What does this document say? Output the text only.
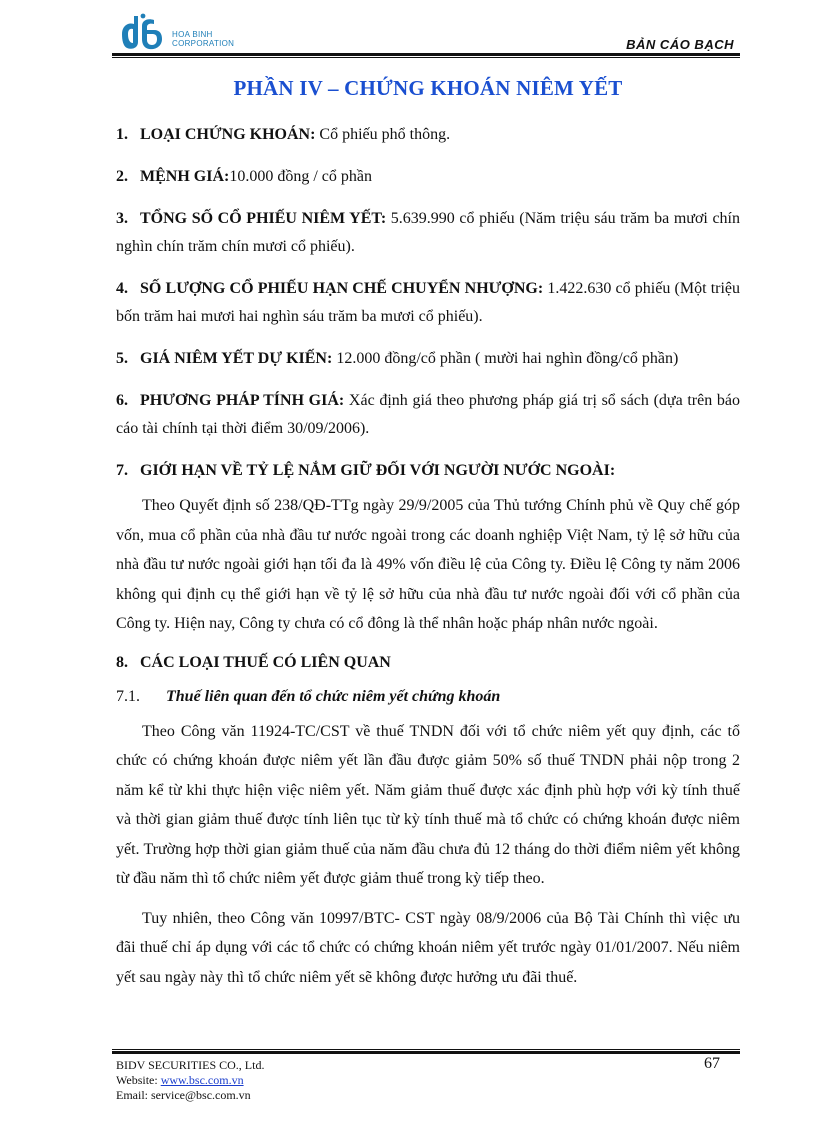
HOA BINH
CORPORATION	BẢN CÁO BẠCH
PHẦN IV – CHỨNG KHOÁN NIÊM YẾT
1. LOẠI CHỨNG KHOÁN: Cổ phiếu phổ thông.
2. MỆNH GIÁ:10.000 đồng / cổ phần
3. TỔNG SỐ CỔ PHIẾU NIÊM YẾT: 5.639.990 cổ phiếu (Năm triệu sáu trăm ba mươi chín nghìn chín trăm chín mươi cổ phiếu).
4. SỐ LƯỢNG CỔ PHIẾU HẠN CHẾ CHUYỂN NHƯỢNG: 1.422.630 cổ phiếu (Một triệu bốn trăm hai mươi hai nghìn sáu trăm ba mươi cổ phiếu).
5. GIÁ NIÊM YẾT DỰ KIẾN: 12.000 đồng/cổ phần ( mười hai nghìn đồng/cổ phần)
6. PHƯƠNG PHÁP TÍNH GIÁ: Xác định giá theo phương pháp giá trị sổ sách (dựa trên báo cáo tài chính tại thời điểm 30/09/2006).
7. GIỚI HẠN VỀ TỶ LỆ NẮM GIỮ ĐỐI VỚI NGƯỜI NƯỚC NGOÀI:

Theo Quyết định số 238/QĐ-TTg ngày 29/9/2005 của Thủ tướng Chính phủ về Quy chế góp vốn, mua cổ phần của nhà đầu tư nước ngoài trong các doanh nghiệp Việt Nam, tỷ lệ sở hữu của nhà đầu tư nước ngoài giới hạn tối đa là 49% vốn điều lệ của Công ty. Điều lệ Công ty năm 2006 không qui định cụ thể giới hạn về tỷ lệ sở hữu của nhà đầu tư nước ngoài đối với cổ phần của Công ty. Hiện nay, Công ty chưa có cổ đông là thể nhân hoặc pháp nhân nước ngoài.

8. CÁC LOẠI THUẾ CÓ LIÊN QUAN
7.1. Thuế liên quan đến tổ chức niêm yết chứng khoán

Theo Công văn 11924-TC/CST về thuế TNDN đối với tổ chức niêm yết quy định, các tổ chức có chứng khoán được niêm yết lần đầu được giảm 50% số thuế TNDN phải nộp trong 2 năm kể từ khi thực hiện việc niêm yết. Năm giảm thuế được xác định phù hợp với kỳ tính thuế và thời gian giảm thuế được tính liên tục từ kỳ tính thuế mà tổ chức có chứng khoán được niêm yết. Trường hợp thời gian giảm thuế của năm đầu chưa đủ 12 tháng do thời điểm niêm yết không từ đầu năm thì tổ chức niêm yết được giảm thuế trong kỳ tiếp theo.

Tuy nhiên, theo Công văn 10997/BTC- CST ngày 08/9/2006 của Bộ Tài Chính thì việc ưu đãi thuế chỉ áp dụng với các tổ chức có chứng khoán niêm yết trước ngày 01/01/2007. Nếu niêm yết sau ngày này thì tổ chức niêm yết sẽ không được hưởng ưu đãi thuế.

BIDV SECURITIES CO., Ltd.
Website: www.bsc.com.vn
Email: service@bsc.com.vn
67
